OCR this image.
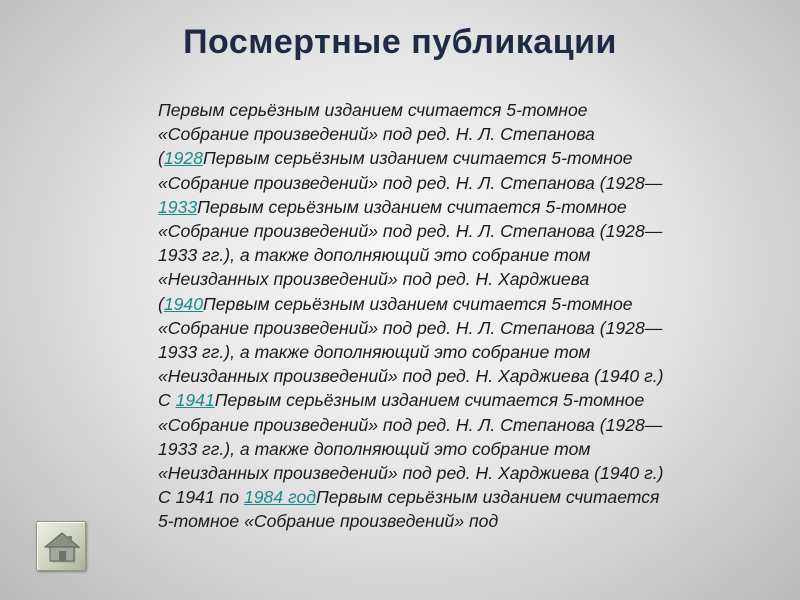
Посмертные публикации

Первым серьёзным изданием считается 5-томное «Собрание произведений» под ред. Н. Л. Степанова (1928Первым серьёзным изданием считается 5-томное «Собрание произведений» под ред. Н. Л. Степанова (1928—1933Первым серьёзным изданием считается 5-томное «Собрание произведений» под ред. Н. Л. Степанова (1928—1933 гг.), а также дополняющий это собрание том «Неизданных произведений» под ред. Н. Харджиева (1940Первым серьёзным изданием считается 5-томное «Собрание произведений» под ред. Н. Л. Степанова (1928—1933 гг.), а также дополняющий это собрание том «Неизданных произведений» под ред. Н. Харджиева (1940 г.) С 1941Первым серьёзным изданием считается 5-томное «Собрание произведений» под ред. Н. Л. Степанова (1928—1933 гг.), а также дополняющий это собрание том «Неизданных произведений» под ред. Н. Харджиева (1940 г.) С 1941 по 1984 годПервым серьёзным изданием считается 5-томное «Собрание произведений» под
